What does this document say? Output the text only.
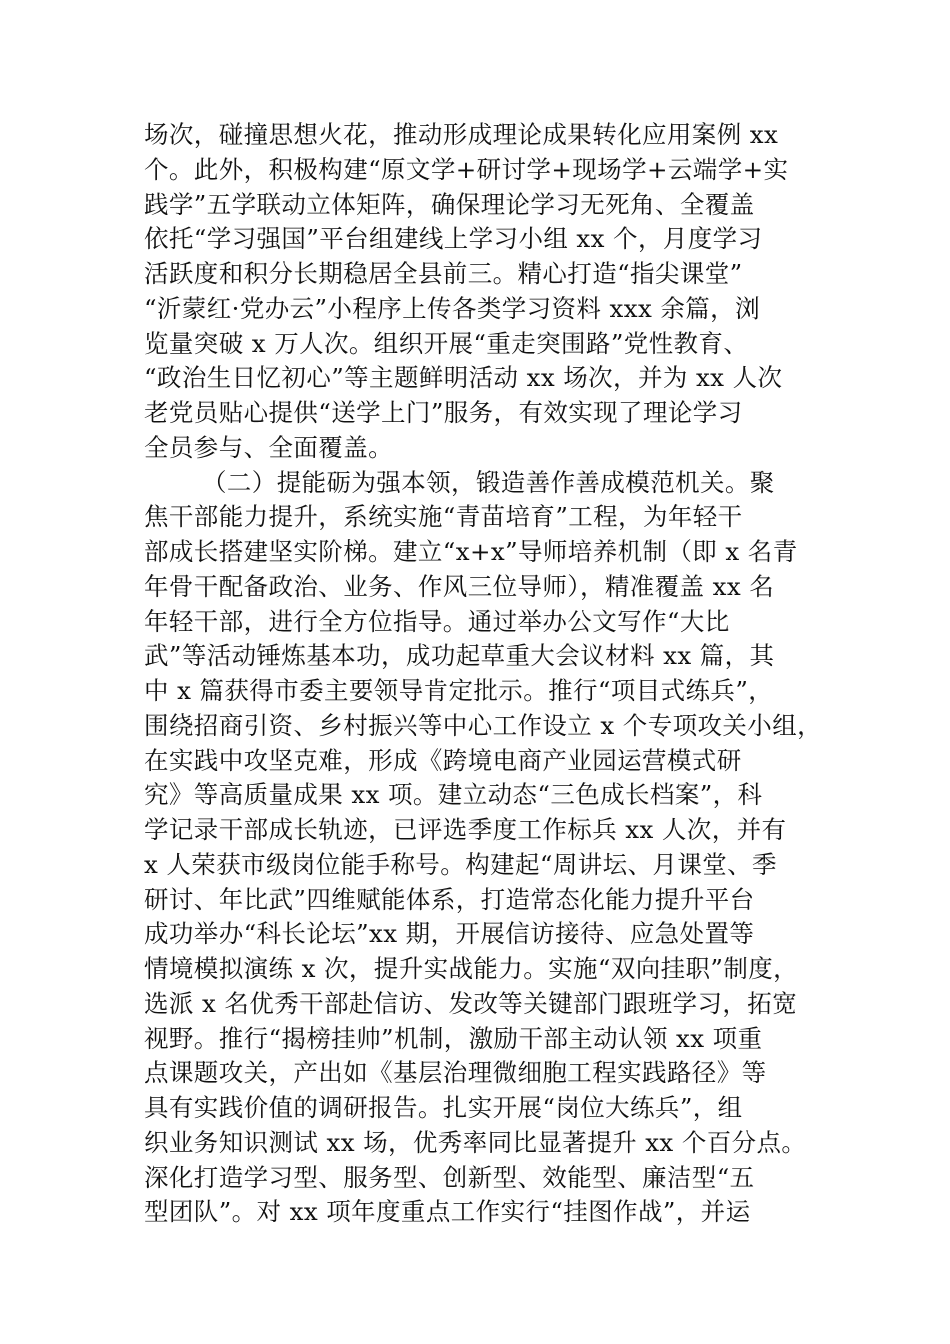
场次，碰撞思想火花，推动形成理论成果转化应用案例 xx
个。此外，积极构建“原文学+研讨学+现场学+云端学+实
践学”五学联动立体矩阵，确保理论学习无死角、全覆盖
依托“学习强国”平台组建线上学习小组 xx 个，月度学习
活跃度和积分长期稳居全县前三。精心打造“指尖课堂”
“沂蒙红·党办云”小程序上传各类学习资料 xxx 余篇，浏
览量突破 x 万人次。组织开展“重走突围路”党性教育、
“政治生日忆初心”等主题鲜明活动 xx 场次，并为 xx 人次
老党员贴心提供“送学上门”服务，有效实现了理论学习
全员参与、全面覆盖。
（二）提能砺为强本领，锻造善作善成模范机关。聚
焦干部能力提升，系统实施“青苗培育”工程，为年轻干
部成长搭建坚实阶梯。建立“x+x”导师培养机制（即 x 名青
年骨干配备政治、业务、作风三位导师），精准覆盖 xx 名
年轻干部，进行全方位指导。通过举办公文写作“大比
武”等活动锤炼基本功，成功起草重大会议材料 xx 篇，其
中 x 篇获得市委主要领导肯定批示。推行“项目式练兵”，
围绕招商引资、乡村振兴等中心工作设立 x 个专项攻关小组，
在实践中攻坚克难，形成《跨境电商产业园运营模式研
究》等高质量成果 xx 项。建立动态“三色成长档案”，科
学记录干部成长轨迹，已评选季度工作标兵 xx 人次，并有
x 人荣获市级岗位能手称号。构建起“周讲坛、月课堂、季
研讨、年比武”四维赋能体系，打造常态化能力提升平台
成功举办“科长论坛”xx 期，开展信访接待、应急处置等
情境模拟演练 x 次，提升实战能力。实施“双向挂职”制度，
选派 x 名优秀干部赴信访、发改等关键部门跟班学习，拓宽
视野。推行“揭榜挂帅”机制，激励干部主动认领 xx 项重
点课题攻关，产出如《基层治理微细胞工程实践路径》等
具有实践价值的调研报告。扎实开展“岗位大练兵”，组
织业务知识测试 xx 场，优秀率同比显著提升 xx 个百分点。
深化打造学习型、服务型、创新型、效能型、廉洁型“五
型团队”。对 xx 项年度重点工作实行“挂图作战”，并运
